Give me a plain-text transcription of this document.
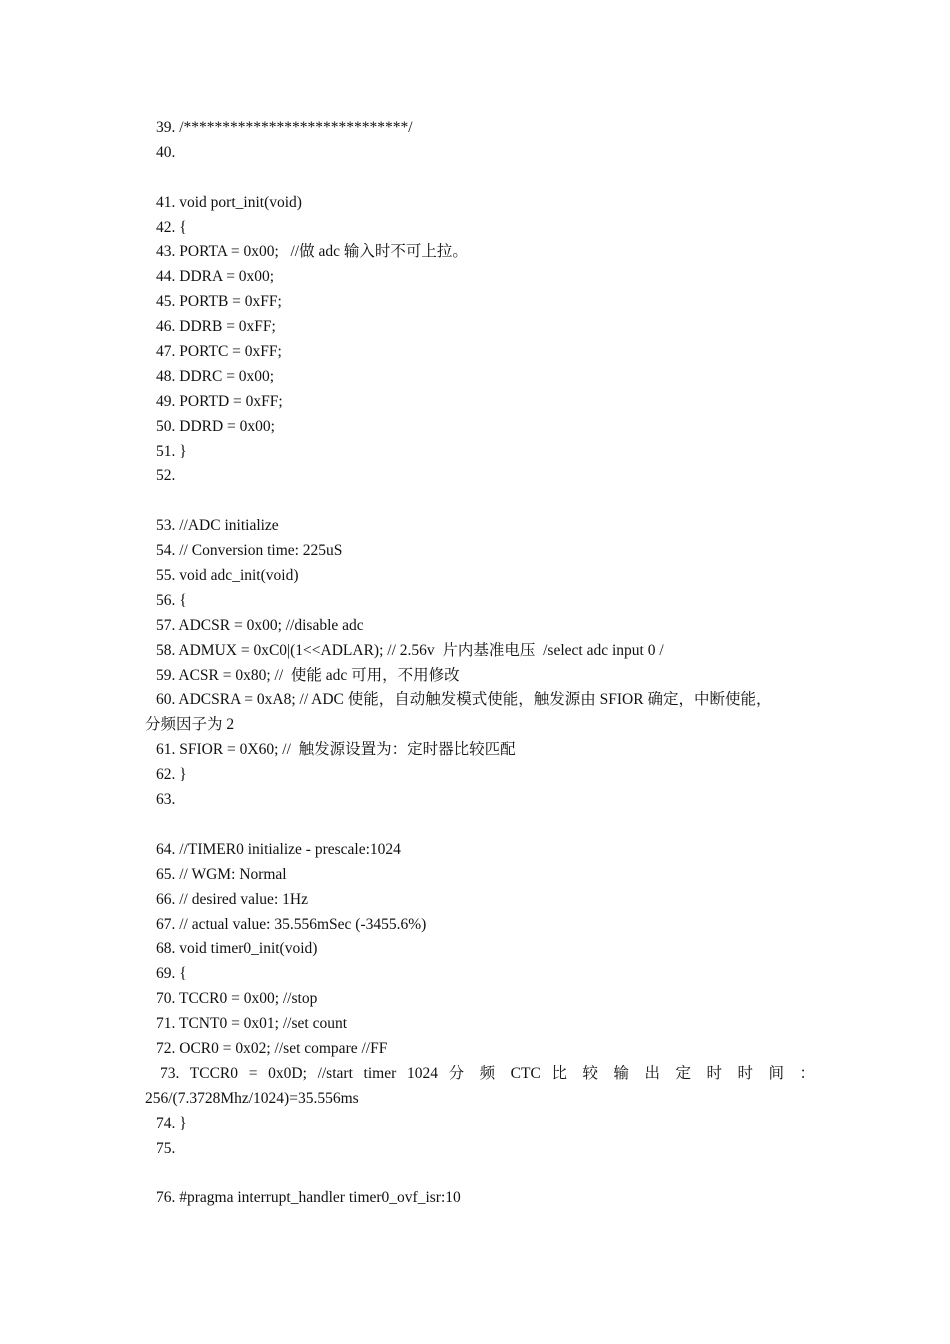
39. /*****************************/
40.
41. void port_init(void)
42. {
43. PORTA = 0x00;   //做 adc 输入时不可上拉。
44. DDRA = 0x00;
45. PORTB = 0xFF;
46. DDRB = 0xFF;
47. PORTC = 0xFF;
48. DDRC = 0x00;
49. PORTD = 0xFF;
50. DDRD = 0x00;
51. }
52.
53. //ADC initialize
54. // Conversion time: 225uS
55. void adc_init(void)
56. {
57. ADCSR = 0x00; //disable adc
58. ADMUX = 0xC0|(1<<ADLAR); // 2.56v  片内基准电压  /select adc input 0 /
59. ACSR = 0x80; //  使能 adc 可用，不用修改
60. ADCSRA = 0xA8; // ADC 使能，自动触发模式使能，触发源由 SFIOR 确定，中断使能，
分频因子为 2
61. SFIOR = 0X60; //  触发源设置为：定时器比较匹配
62. }
63.
64. //TIMER0 initialize - prescale:1024
65. // WGM: Normal
66. // desired value: 1Hz
67. // actual value: 35.556mSec (-3455.6%)
68. void timer0_init(void)
69. {
70. TCCR0 = 0x00; //stop
71. TCNT0 = 0x01; //set count
72. OCR0 = 0x02; //set compare //FF
73. TCCR0 = 0x0D; //start timer 1024 分 频 CTC 比 较 输 出 定 时 时 间 ：
256/(7.3728Mhz/1024)=35.556ms
74. }
75.
76. #pragma interrupt_handler timer0_ovf_isr:10
